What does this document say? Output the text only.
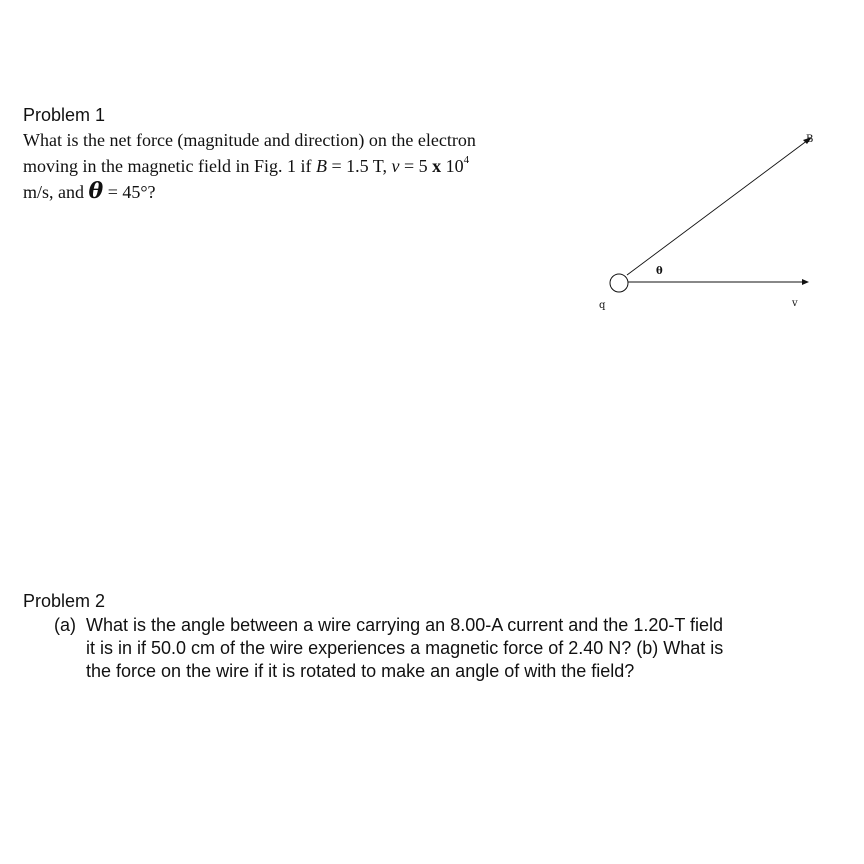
Problem 1
What is the net force (magnitude and direction) on the electron
moving in the magnetic field in Fig. 1 if B = 1.5 T, v = 5 x $10^4$
m/s, and θ = 45°?
B
θ
q	v
Problem 2
(a) What is the angle between a wire carrying an 8.00-A current and the 1.20-T field
it is in if 50.0 cm of the wire experiences a magnetic force of 2.40 N? (b) What is
the force on the wire if it is rotated to make an angle of with the field?
